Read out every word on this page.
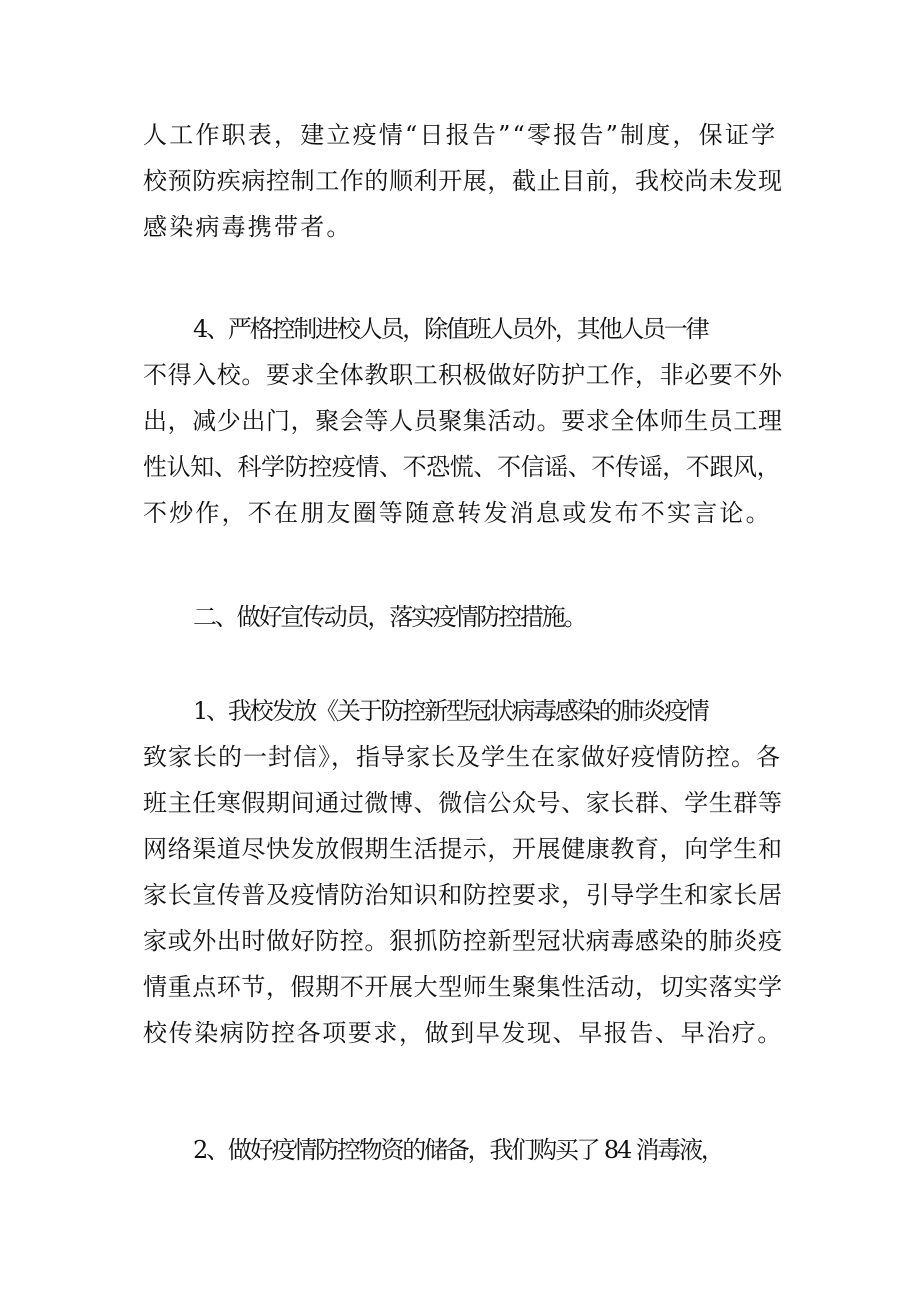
人工作职表，建立疫情“日报告”“零报告”制度，保证学
校预防疾病控制工作的顺利开展，截止目前，我校尚未发现
感染病毒携带者。

4、严格控制进校人员，除值班人员外，其他人员一律
不得入校。要求全体教职工积极做好防护工作，非必要不外
出，减少出门，聚会等人员聚集活动。要求全体师生员工理
性认知、科学防控疫情、不恐慌、不信谣、不传谣，不跟风，
不炒作，不在朋友圈等随意转发消息或发布不实言论。

二、做好宣传动员，落实疫情防控措施。

1、我校发放《关于防控新型冠状病毒感染的肺炎疫情
致家长的一封信》，指导家长及学生在家做好疫情防控。各
班主任寒假期间通过微博、微信公众号、家长群、学生群等
网络渠道尽快发放假期生活提示，开展健康教育，向学生和
家长宣传普及疫情防治知识和防控要求，引导学生和家长居
家或外出时做好防控。狠抓防控新型冠状病毒感染的肺炎疫
情重点环节，假期不开展大型师生聚集性活动，切实落实学
校传染病防控各项要求，做到早发现、早报告、早治疗。

2、做好疫情防控物资的储备，我们购买了 84 消毒液，
